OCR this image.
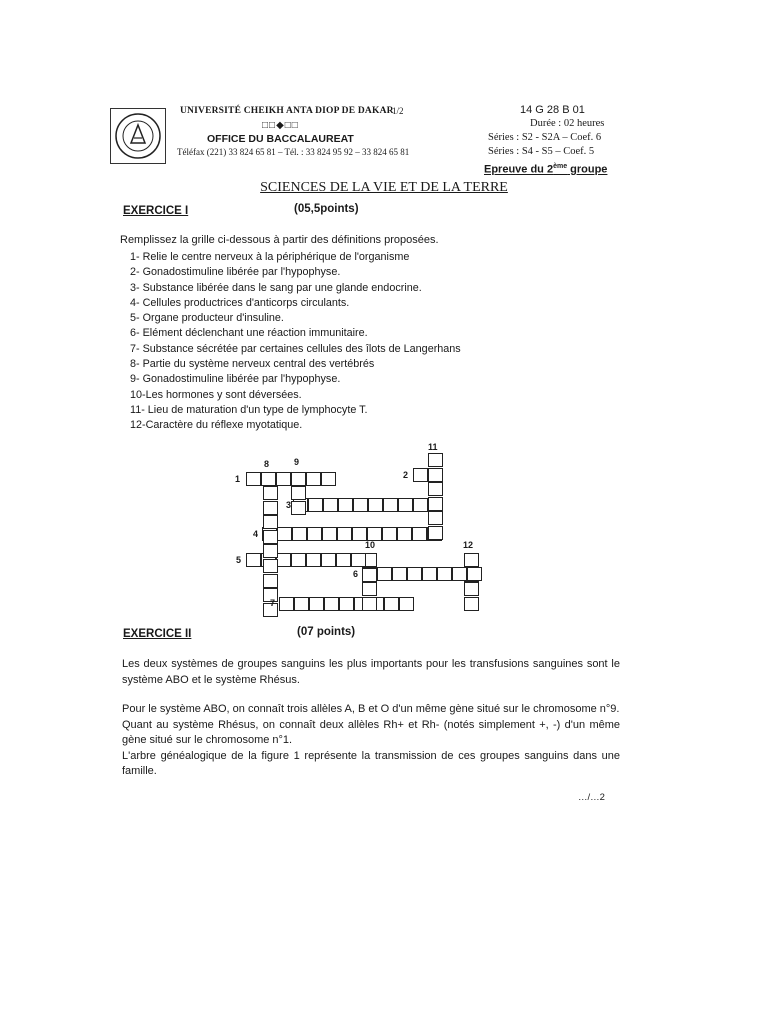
UNIVERSITÉ CHEIKH ANTA DIOP DE DAKAR
1/2
□□◆□□
OFFICE DU BACCALAUREAT
Téléfax (221) 33 824 65 81 – Tél. : 33 824 95 92 – 33 824 65 81
14 G 28 B 01
Durée : 02 heures
Séries : S2 - S2A – Coef. 6
Séries : S4 - S5 – Coef. 5
Epreuve du 2ème groupe
SCIENCES DE LA VIE ET DE LA TERRE
EXERCICE I	(05,5points)
Remplissez la grille ci-dessous à partir des définitions proposées.
1- Relie le centre nerveux à la périphérique de l'organisme
2- Gonadostimuline libérée par l'hypophyse.
3- Substance libérée dans le sang par une glande endocrine.
4- Cellules productrices d'anticorps circulants.
5- Organe producteur d'insuline.
6- Elément déclenchant une réaction immunitaire.
7- Substance sécrétée par certaines cellules des îlots de Langerhans
8- Partie du système nerveux central des vertébrés
9- Gonadostimuline libérée par l'hypophyse.
10-Les hormones y sont déversées.
11- Lieu de maturation d'un type de lymphocyte T.
12-Caractère du réflexe myotatique.
8	9
11
1	2
3
4
10	12
5
6
7
EXERCICE II	(07 points)
Les deux systèmes de groupes sanguins les plus importants pour les transfusions sanguines sont le système ABO et le système Rhésus.
Pour le système ABO, on connaît trois allèles A, B et O d'un même gène situé sur le chromosome n°9.
Quant au système Rhésus, on connaît deux allèles Rh+ et Rh- (notés simplement +, -) d'un même gène situé sur le chromosome n°1.
L'arbre généalogique de la figure 1 représente la transmission de ces groupes sanguins dans une famille.
…/…2
